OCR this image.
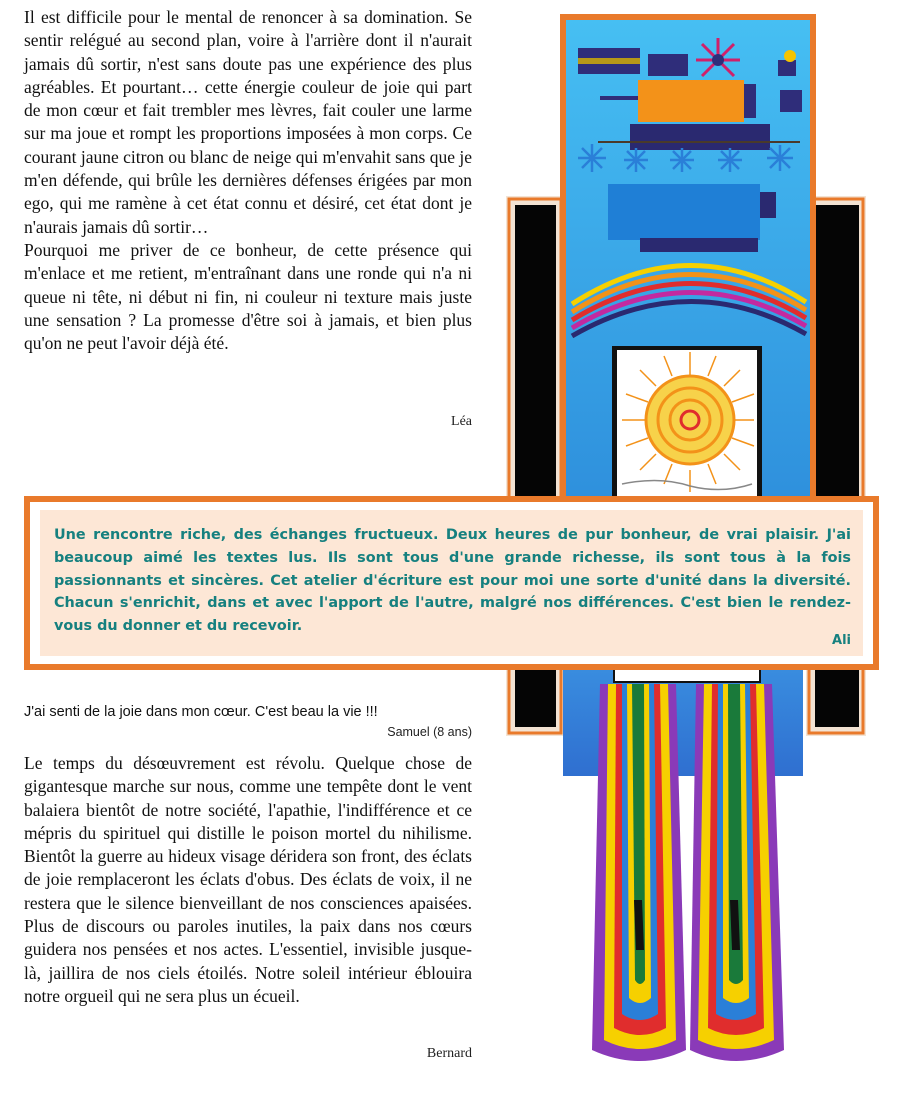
Il est difficile pour le mental de renoncer à sa domination. Se sentir relégué au second plan, voire à l'arrière dont il n'aurait jamais dû sortir, n'est sans doute pas une expérience des plus agréables. Et pourtant… cette énergie couleur de joie qui part de mon cœur et fait trembler mes lèvres, fait couler une larme sur ma joue et rompt les proportions imposées à mon corps. Ce courant jaune citron ou blanc de neige qui m'envahit sans que je m'en défende, qui brûle les dernières défenses érigées par mon ego, qui me ramène à cet état connu et désiré, cet état dont je n'aurais jamais dû sortir…

Pourquoi me priver de ce bonheur, de cette présence qui m'enlace et me retient, m'entraînant dans une ronde qui n'a ni queue ni tête, ni début ni fin, ni couleur ni texture mais juste une sensation ? La promesse d'être soi à jamais, et bien plus qu'on ne peut l'avoir déjà été.

Léa

Une rencontre riche, des échanges fructueux. Deux heures de pur bonheur, de vrai plaisir. J'ai beaucoup aimé les textes lus. Ils sont tous d'une grande richesse, ils sont tous à la fois passionnants et sincères. Cet atelier d'écriture est pour moi une sorte d'unité dans la diversité. Chacun s'enrichit, dans et avec l'apport de l'autre, malgré nos différences. C'est bien le rendez-vous du donner et du recevoir.

Ali
J'ai senti de la joie dans mon cœur. C'est beau la vie !!!
Samuel (8 ans)

Le temps du désœuvrement est révolu. Quelque chose de gigantesque marche sur nous, comme une tempête dont le vent balaiera bientôt de notre société, l'apathie, l'indifférence et ce mépris du spirituel qui distille le poison mortel du nihilisme. Bientôt la guerre au hideux visage déridera son front, des éclats de joie remplaceront les éclats d'obus. Des éclats de voix, il ne restera que le silence bienveillant de nos consciences apaisées. Plus de discours ou paroles inutiles, la paix dans nos cœurs guidera nos pensées et nos actes. L'essentiel, invisible jusque-là, jaillira de nos ciels étoilés. Notre soleil intérieur éblouira notre orgueil qui ne sera plus un écueil.

Bernard
